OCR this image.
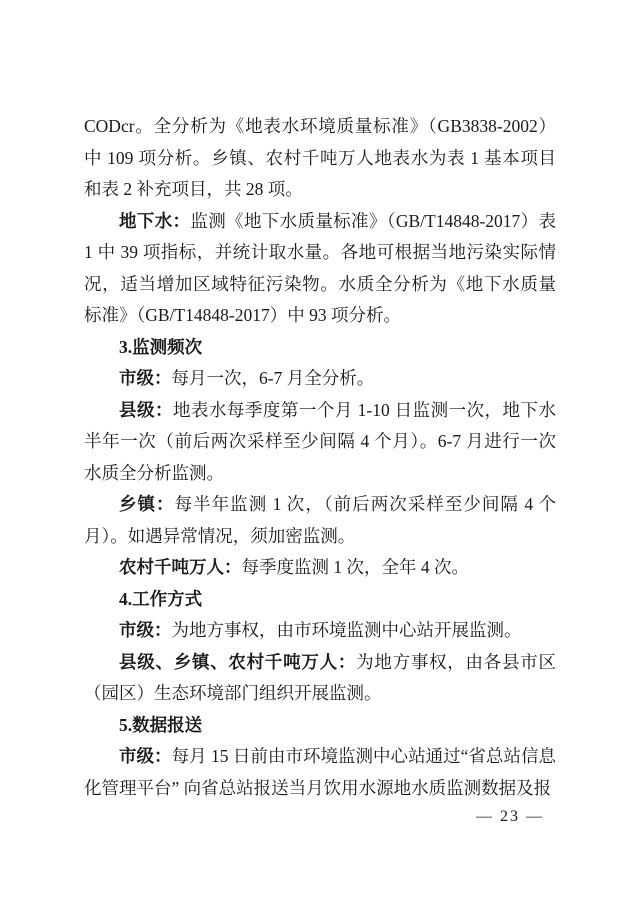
CODcr。全分析为《地表水环境质量标准》（GB3838-2002）中 109 项分析。乡镇、农村千吨万人地表水为表 1 基本项目和表 2 补充项目，共 28 项。

地下水：监测《地下水质量标准》（GB/T14848-2017）表 1 中 39 项指标，并统计取水量。各地可根据当地污染实际情况，适当增加区域特征污染物。水质全分析为《地下水质量标准》（GB/T14848-2017）中 93 项分析。

3.监测频次

市级：每月一次，6-7 月全分析。

县级：地表水每季度第一个月 1-10 日监测一次，地下水半年一次（前后两次采样至少间隔 4 个月）。6-7 月进行一次水质全分析监测。

乡镇：每半年监测 1 次，（前后两次采样至少间隔 4 个月）。如遇异常情况，须加密监测。

农村千吨万人：每季度监测 1 次，全年 4 次。

4.工作方式

市级：为地方事权，由市环境监测中心站开展监测。

县级、乡镇、农村千吨万人：为地方事权，由各县市区（园区）生态环境部门组织开展监测。

5.数据报送

市级：每月 15 日前由市环境监测中心站通过“省总站信息化管理平台” 向省总站报送当月饮用水源地水质监测数据及报

— 23 —
